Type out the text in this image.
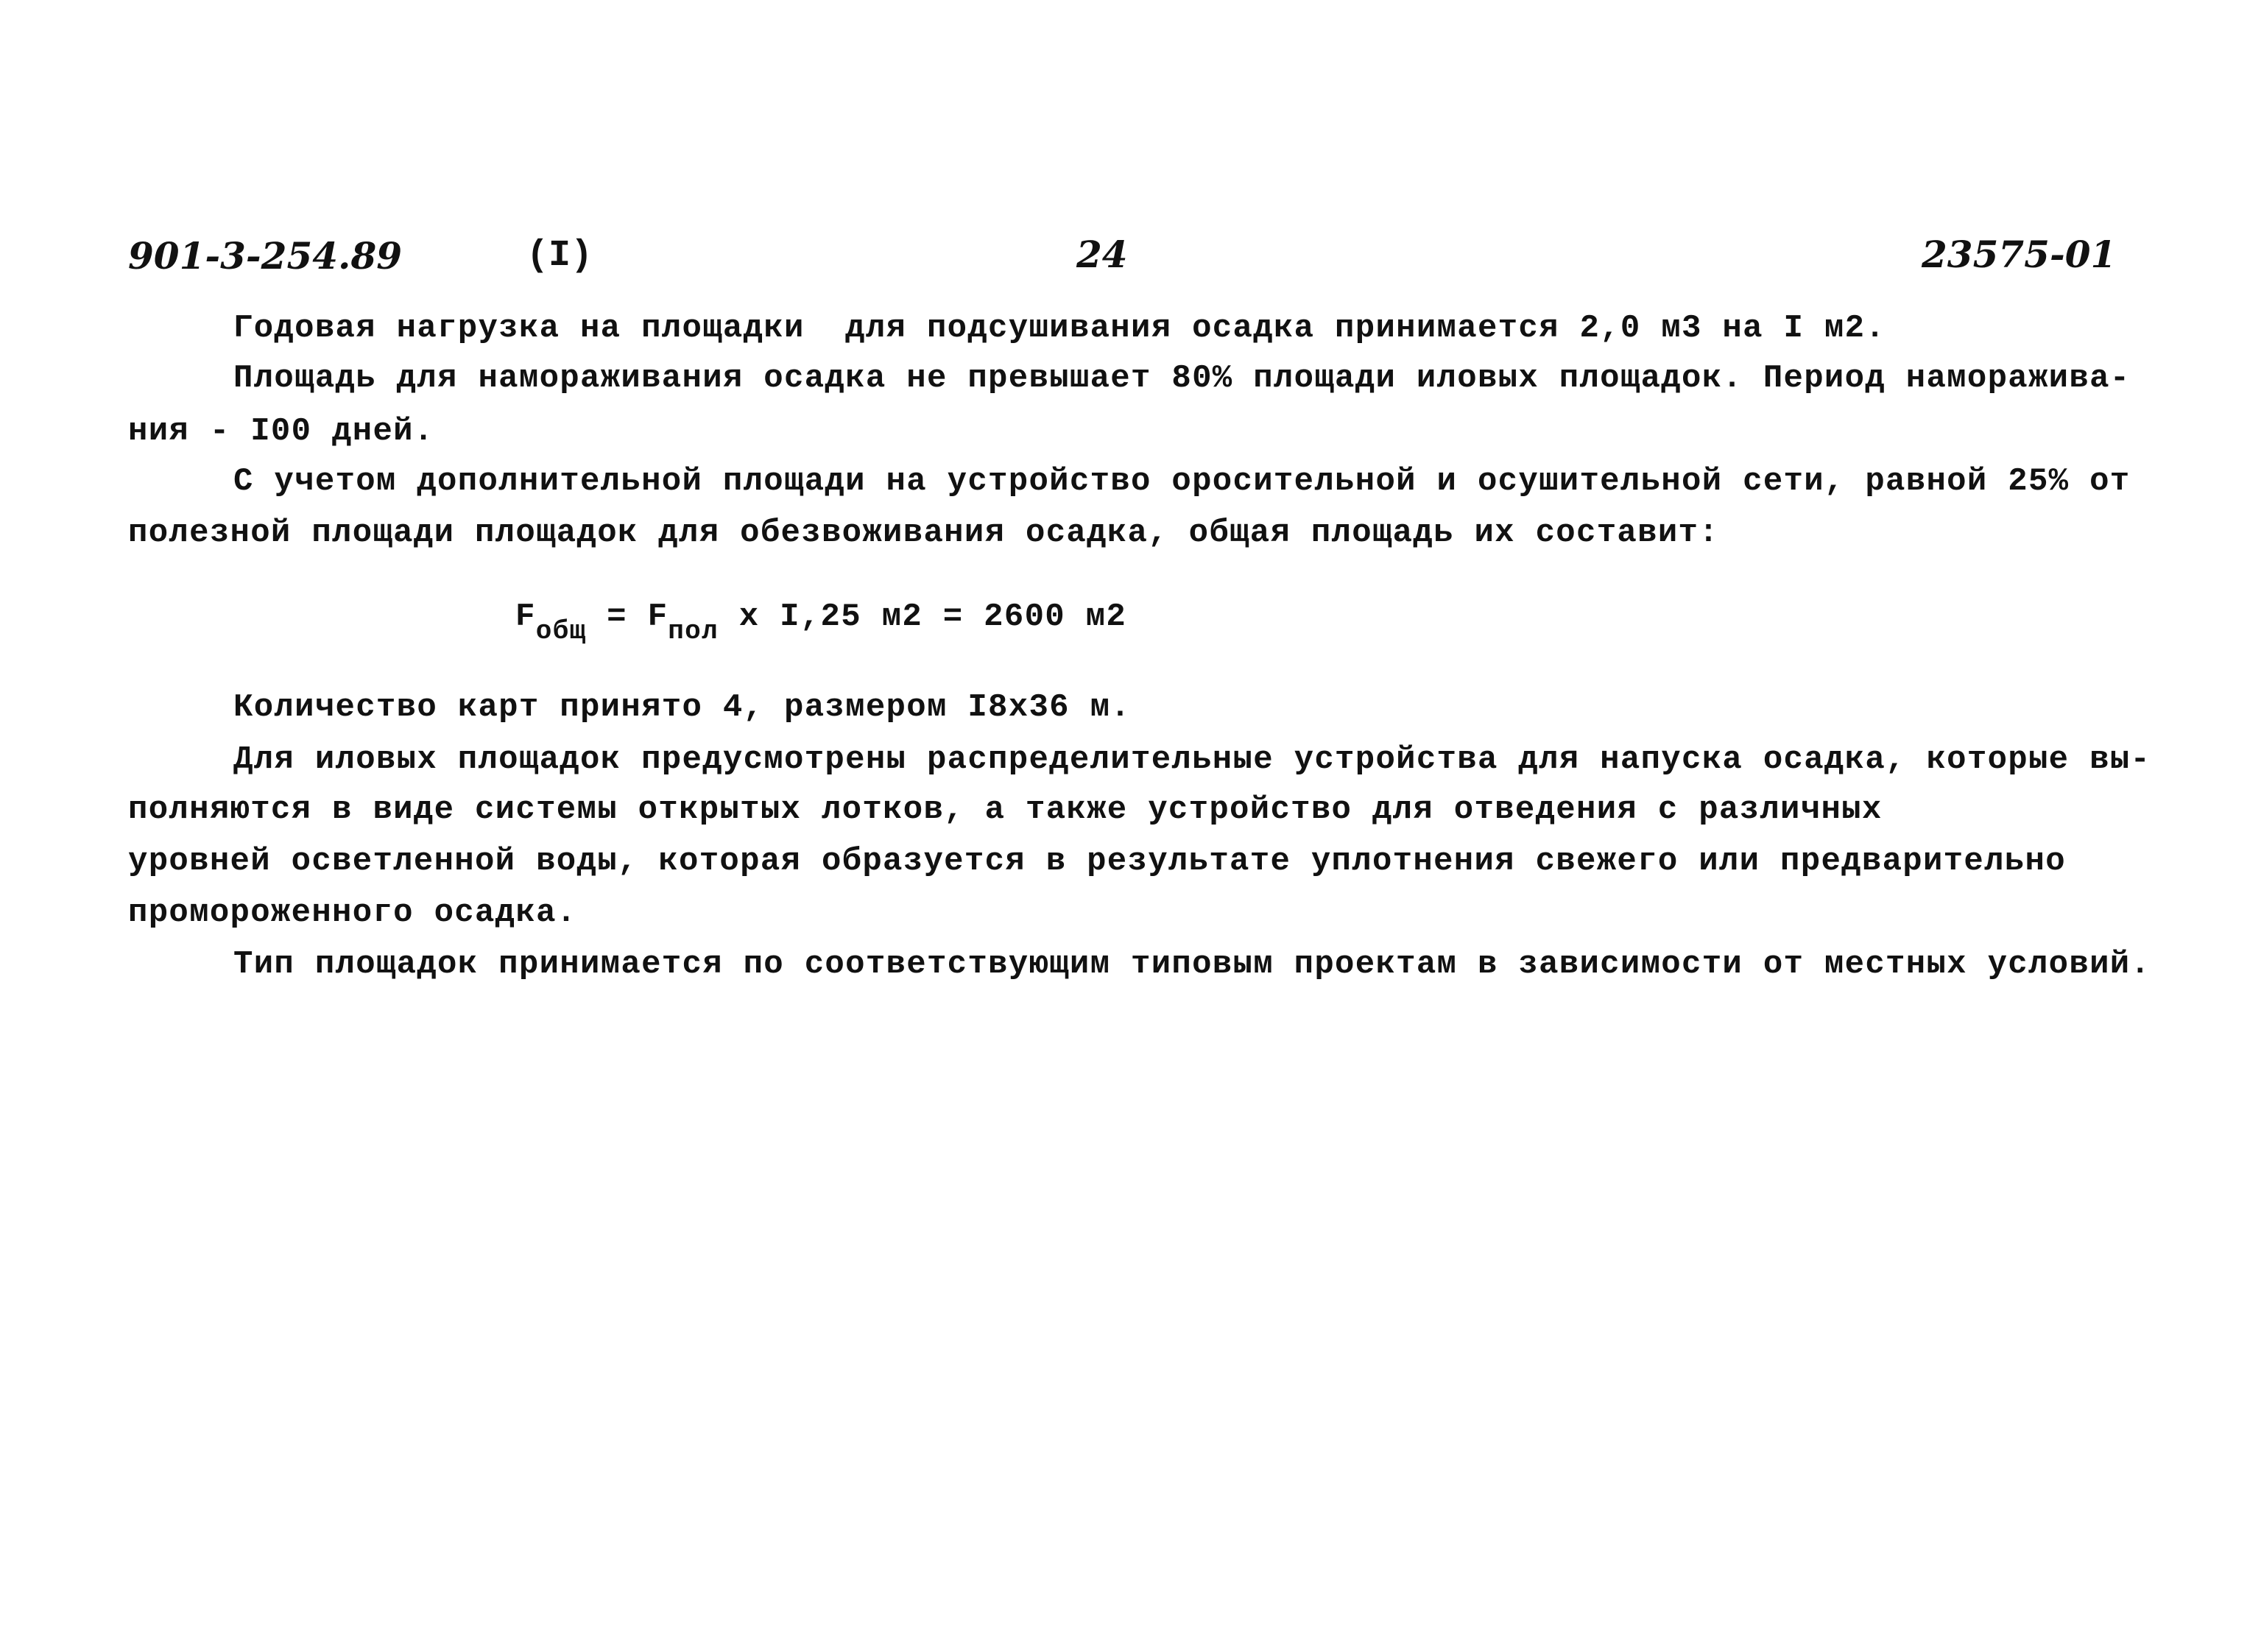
901-3-254.89	(I)	24	23575-01
Годовая нагрузка на площадки  для подсушивания осадка принимается 2,0 м3 на I м2.
Площадь для намораживания осадка не превышает 80% площади иловых площадок. Период наморажива-
ния - I00 дней.
С учетом дополнительной площади на устройство оросительной и осушительной сети, равной 25% от
полезной площади площадок для обезвоживания осадка, общая площадь их составит:
$F_{общ} = F_{пол}$ x I,25 м2 = 2600 м2
Количество карт принято 4, размером I8x36 м.
Для иловых площадок предусмотрены распределительные устройства для напуска осадка, которые вы-
полняются в виде системы открытых лотков, а также устройство для отведения с различных
уровней осветленной воды, которая образуется в результате уплотнения свежего или предварительно
промороженного осадка.
Тип площадок принимается по соответствующим типовым проектам в зависимости от местных условий.
